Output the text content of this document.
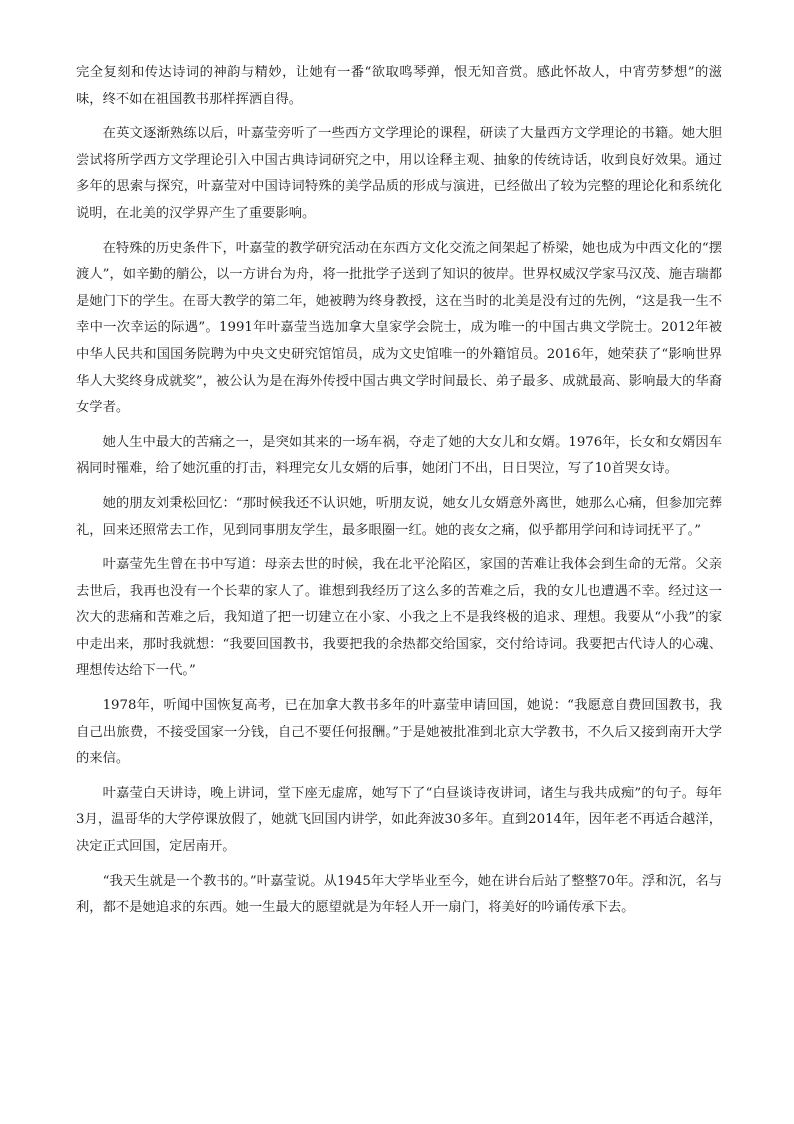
完全复刻和传达诗词的神韵与精妙，让她有一番“欲取鸣琴弹，恨无知音赏。感此怀故人，中宵劳梦想”的滋味，终不如在祖国教书那样挥洒自得。

在英文逐渐熟练以后，叶嘉莹旁听了一些西方文学理论的课程，研读了大量西方文学理论的书籍。她大胆尝试将所学西方文学理论引入中国古典诗词研究之中，用以诠释主观、抽象的传统诗话，收到良好效果。通过多年的思索与探究，叶嘉莹对中国诗词特殊的美学品质的形成与演进，已经做出了较为完整的理论化和系统化说明，在北美的汉学界产生了重要影响。

在特殊的历史条件下，叶嘉莹的教学研究活动在东西方文化交流之间架起了桥梁，她也成为中西文化的“摆渡人”，如辛勤的艄公，以一方讲台为舟，将一批批学子送到了知识的彼岸。世界权威汉学家马汉茂、施吉瑞都是她门下的学生。在哥大教学的第二年，她被聘为终身教授，这在当时的北美是没有过的先例，“这是我一生不幸中一次幸运的际遇”。1991年叶嘉莹当选加拿大皇家学会院士，成为唯一的中国古典文学院士。2012年被中华人民共和国国务院聘为中央文史研究馆馆员，成为文史馆唯一的外籍馆员。2016年，她荣获了“影响世界华人大奖终身成就奖”，被公认为是在海外传授中国古典文学时间最长、弟子最多、成就最高、影响最大的华裔女学者。

她人生中最大的苦痛之一，是突如其来的一场车祸，夺走了她的大女儿和女婿。1976年，长女和女婿因车祸同时罹难，给了她沉重的打击，料理完女儿女婿的后事，她闭门不出，日日哭泣，写了10首哭女诗。

她的朋友刘秉松回忆：“那时候我还不认识她，听朋友说，她女儿女婿意外离世，她那么心痛，但参加完葬礼，回来还照常去工作，见到同事朋友学生，最多眼圈一红。她的丧女之痛，似乎都用学问和诗词抚平了。”

叶嘉莹先生曾在书中写道：母亲去世的时候，我在北平沦陷区，家国的苦难让我体会到生命的无常。父亲去世后，我再也没有一个长辈的家人了。谁想到我经历了这么多的苦难之后，我的女儿也遭遇不幸。经过这一次大的悲痛和苦难之后，我知道了把一切建立在小家、小我之上不是我终极的追求、理想。我要从“小我”的家中走出来，那时我就想：“我要回国教书，我要把我的余热都交给国家，交付给诗词。我要把古代诗人的心魂、理想传达给下一代。”

1978年，听闻中国恢复高考，已在加拿大教书多年的叶嘉莹申请回国，她说：“我愿意自费回国教书，我自己出旅费，不接受国家一分钱，自己不要任何报酬。”于是她被批准到北京大学教书，不久后又接到南开大学的来信。

叶嘉莹白天讲诗，晚上讲词，堂下座无虚席，她写下了“白昼谈诗夜讲词，诸生与我共成痴”的句子。每年3月，温哥华的大学停课放假了，她就飞回国内讲学，如此奔波30多年。直到2014年，因年老不再适合越洋，决定正式回国，定居南开。

“我天生就是一个教书的。”叶嘉莹说。从1945年大学毕业至今，她在讲台后站了整整70年。浮和沉，名与利，都不是她追求的东西。她一生最大的愿望就是为年轻人开一扇门，将美好的吟诵传承下去。
